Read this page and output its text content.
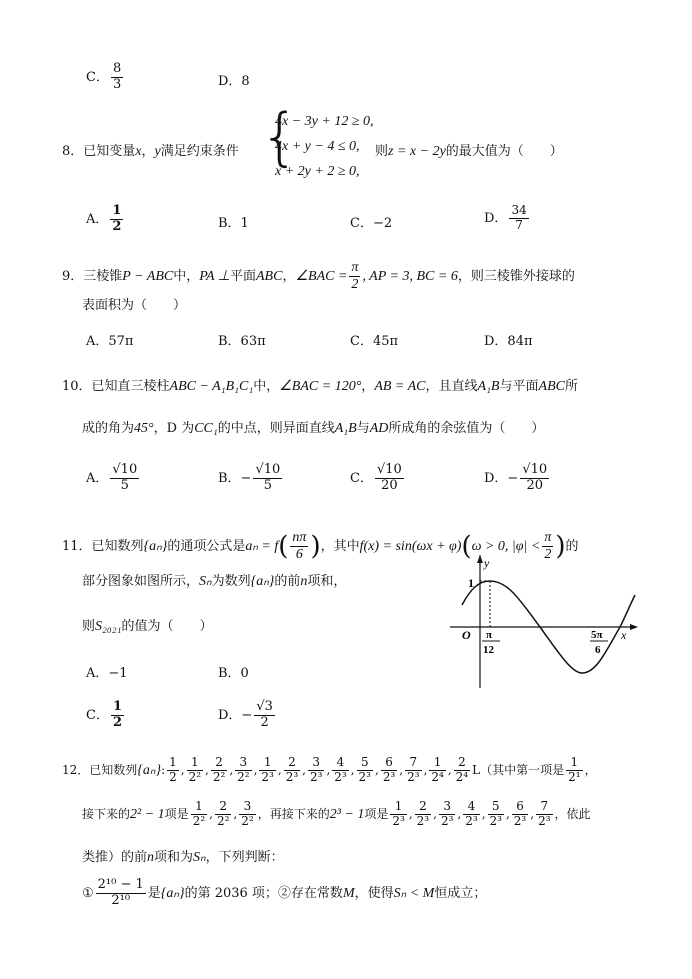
C． $\frac{8}{3}$	D．8
8．已知变量x，y满足约束条件 {
4x − 3y + 12 ≥ 0,
4x + y − 4 ≤ 0,
x + 2y + 2 ≥ 0,
则z = x − 2y的最大值为（　　）
A． $\frac{1}{2}$	B．1	C．−2	D． $\frac{34}{7}$
9．三棱锥P − ABC中，PA ⊥平面ABC，∠BAC = $\frac{\pi}{2}$ , AP = 3, BC = 6，则三棱锥外接球的
表面积为（　　）
A．57π	B．63π	C．45π	D．84π
10．已知直三棱柱ABC − A₁B₁C₁中，∠BAC = 120°，AB = AC，且直线A₁B与平面ABC所
成的角为45°，D 为CC₁的中点，则异面直线A₁B与AD所成角的余弦值为（　　）
A． $\frac{√10}{5}$	B．− $\frac{√10}{5}$	C． $\frac{√10}{20}$	D．− $\frac{√10}{20}$
11．已知数列{aₙ}的通项公式是$a_n = f( \frac{n\pi}{6}$ )，其中f(x) = sin(ωx + φ)(ω > 0, $|\varphi| < \frac{\pi}{2}$ )的
部分图象如图所示，Sₙ为数列{aₙ}的前n项和，
则S₂₀₂₁的值为（　　）
y
x
O
1
π
12
5π
6
A．−1	B．0
C． $\frac{1}{2}$	D．− $\frac{√3}{2}$
12．已知数列{aₙ}: $\frac{1}{2}$ , $\frac{1}{\text{2²}}$ , $\frac{2}{\text{2²}}$ , $\frac{3}{\text{2²}}$ , $\frac{1}{\text{2³}}$ , $\frac{2}{\text{2³}}$ , $\frac{3}{\text{2³}}$ , $\frac{4}{\text{2³}}$ , $\frac{5}{\text{2³}}$ , $\frac{6}{\text{2³}}$ , $\frac{7}{\text{2³}}$ , $\frac{1}{\text{2⁴}}$ , $\frac{2}{\text{2⁴}} L$（其中第一项是 $\frac{1}{\text{2¹}}$ ，
接下来的2² − 1项是 $\frac{1}{\text{2²}}$ , $\frac{2}{\text{2²}}$ , $\frac{3}{\text{2²}}$ ，再接下来的2³ − 1项是 $\frac{1}{\text{2³}}$ , $\frac{2}{\text{2³}}$ , $\frac{3}{\text{2³}}$ , $\frac{4}{\text{2³}}$ , $\frac{5}{\text{2³}}$ , $\frac{6}{\text{2³}}$ , $\frac{7}{\text{2³}}$ ，依此
类推）的前n项和为Sₙ，下列判断：
① $\frac{\text{2¹⁰ − 1}}{\text{2¹⁰}}$ 是{aₙ}的第 2036 项；②存在常数M，使得Sₙ < M恒成立；
